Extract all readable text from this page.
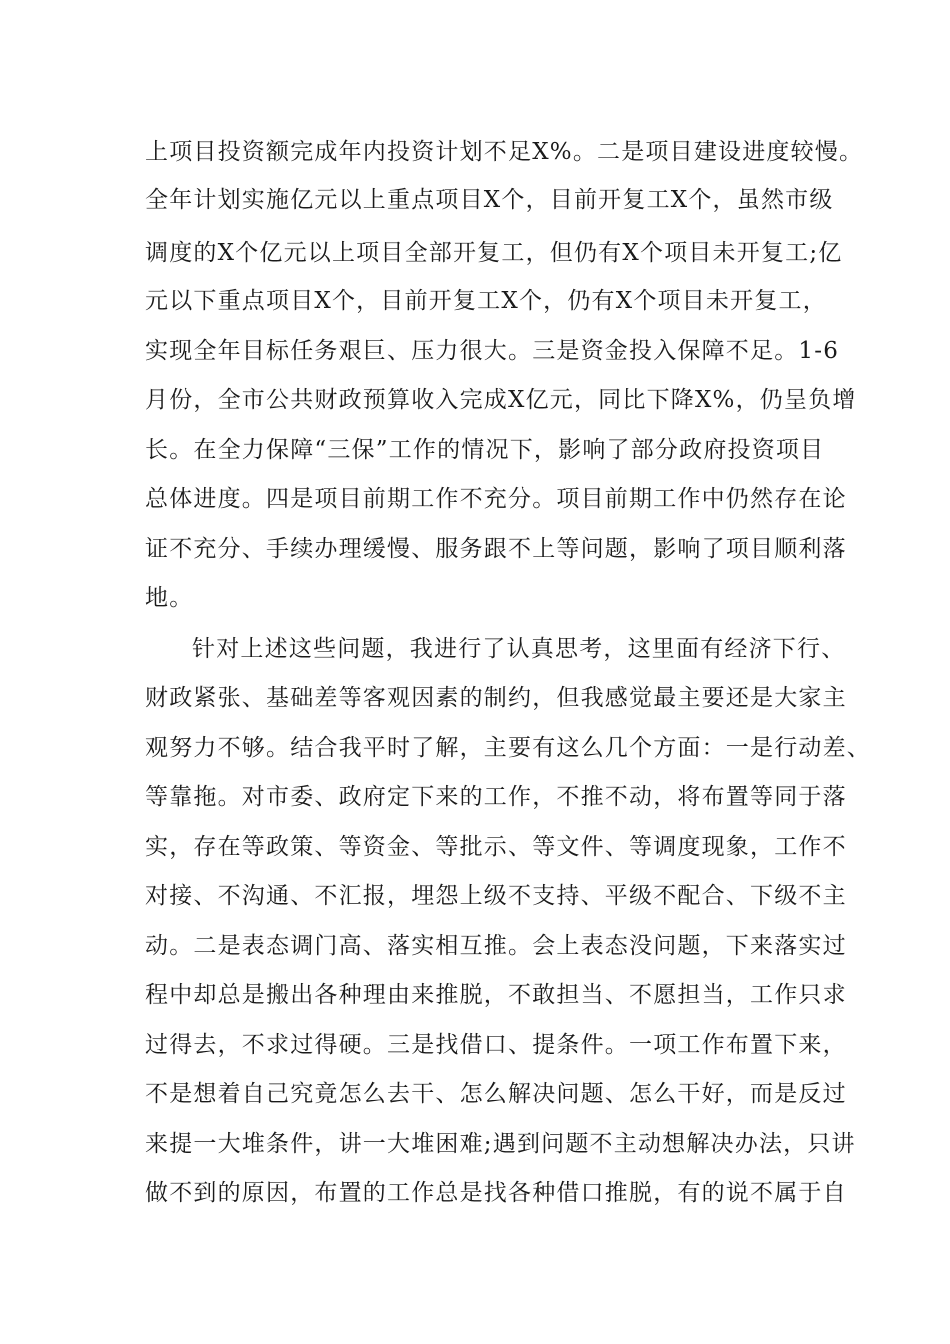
上项目投资额完成年内投资计划不足X%。二是项目建设进度较慢。
全年计划实施亿元以上重点项目X个，目前开复工X个，虽然市级
调度的X个亿元以上项目全部开复工，但仍有X个项目未开复工;亿
元以下重点项目X个，目前开复工X个，仍有X个项目未开复工，
实现全年目标任务艰巨、压力很大。三是资金投入保障不足。1-6
月份，全市公共财政预算收入完成X亿元，同比下降X%，仍呈负增
长。在全力保障“三保”工作的情况下，影响了部分政府投资项目
总体进度。四是项目前期工作不充分。项目前期工作中仍然存在论
证不充分、手续办理缓慢、服务跟不上等问题，影响了项目顺利落
地。
针对上述这些问题，我进行了认真思考，这里面有经济下行、
财政紧张、基础差等客观因素的制约，但我感觉最主要还是大家主
观努力不够。结合我平时了解，主要有这么几个方面：一是行动差、
等靠拖。对市委、政府定下来的工作，不推不动，将布置等同于落
实，存在等政策、等资金、等批示、等文件、等调度现象，工作不
对接、不沟通、不汇报，埋怨上级不支持、平级不配合、下级不主
动。二是表态调门高、落实相互推。会上表态没问题，下来落实过
程中却总是搬出各种理由来推脱，不敢担当、不愿担当，工作只求
过得去，不求过得硬。三是找借口、提条件。一项工作布置下来，
不是想着自己究竟怎么去干、怎么解决问题、怎么干好，而是反过
来提一大堆条件，讲一大堆困难;遇到问题不主动想解决办法，只讲
做不到的原因，布置的工作总是找各种借口推脱，有的说不属于自
